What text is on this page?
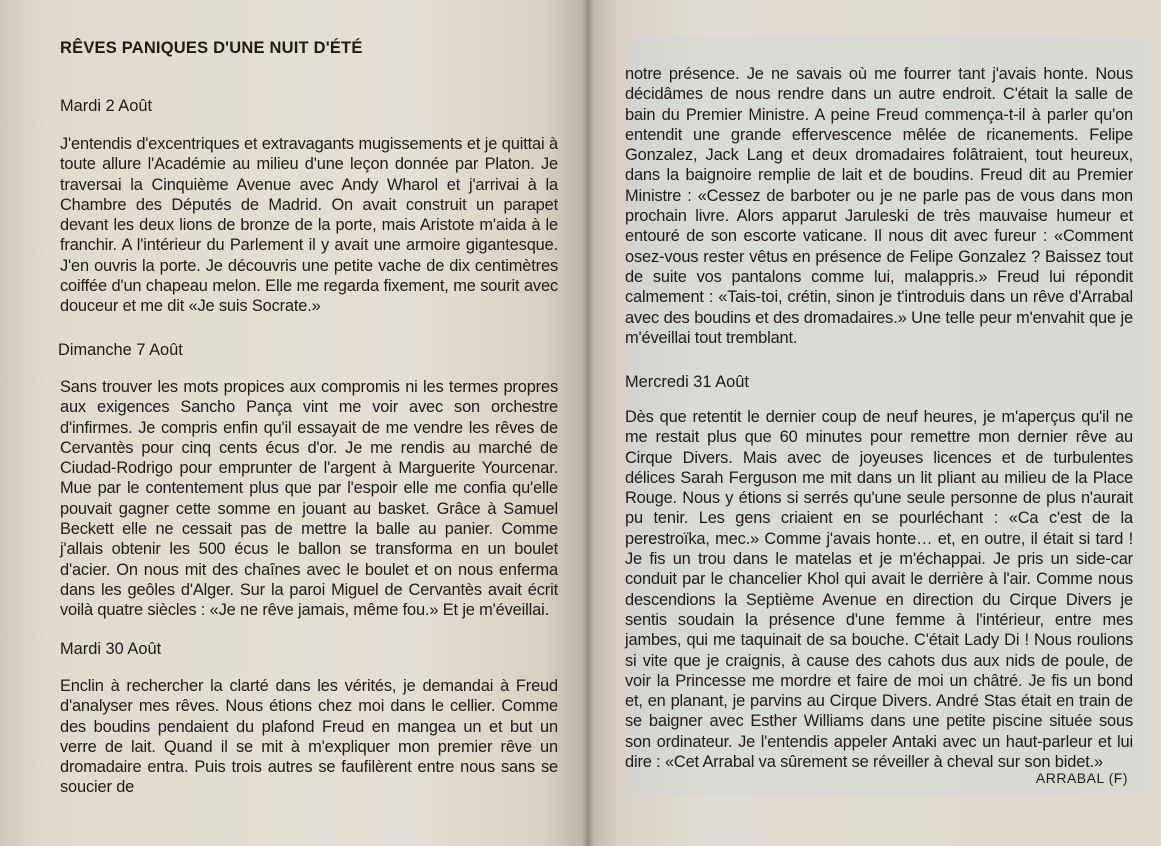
RÊVES PANIQUES D'UNE NUIT D'ÉTÉ
Mardi 2 Août
J'entendis d'excentriques et extravagants mugissements et je quittai à toute allure l'Académie au milieu d'une leçon donnée par Platon. Je traversai la Cinquième Avenue avec Andy Wharol et j'arrivai à la Chambre des Députés de Madrid. On avait construit un parapet devant les deux lions de bronze de la porte, mais Aristote m'aida à le franchir. A l'intérieur du Parlement il y avait une armoire gigantesque. J'en ouvris la porte. Je découvris une petite vache de dix centimètres coiffée d'un chapeau melon. Elle me regarda fixement, me sourit avec douceur et me dit «Je suis Socrate.»
Dimanche 7 Août
Sans trouver les mots propices aux compromis ni les termes propres aux exigences Sancho Pança vint me voir avec son orchestre d'infirmes. Je compris enfin qu'il essayait de me vendre les rêves de Cervantès pour cinq cents écus d'or. Je me rendis au marché de Ciudad-Rodrigo pour emprunter de l'argent à Marguerite Yourcenar. Mue par le contentement plus que par l'espoir elle me confia qu'elle pouvait gagner cette somme en jouant au basket. Grâce à Samuel Beckett elle ne cessait pas de mettre la balle au panier. Comme j'allais obtenir les 500 écus le ballon se transforma en un boulet d'acier. On nous mit des chaînes avec le boulet et on nous enferma dans les geôles d'Alger. Sur la paroi Miguel de Cervantès avait écrit voilà quatre siècles : «Je ne rêve jamais, même fou.» Et je m'éveillai.
Mardi 30 Août
Enclin à rechercher la clarté dans les vérités, je demandai à Freud d'analyser mes rêves. Nous étions chez moi dans le cellier. Comme des boudins pendaient du plafond Freud en mangea un et but un verre de lait. Quand il se mit à m'expliquer mon premier rêve un dromadaire entra. Puis trois autres se faufilèrent entre nous sans se soucier de
notre présence. Je ne savais où me fourrer tant j'avais honte. Nous décidâmes de nous rendre dans un autre endroit. C'était la salle de bain du Premier Ministre. A peine Freud commença-t-il à parler qu'on entendit une grande effervescence mêlée de ricanements. Felipe Gonzalez, Jack Lang et deux dromadaires folâtraient, tout heureux, dans la baignoire remplie de lait et de boudins. Freud dit au Premier Ministre : «Cessez de barboter ou je ne parle pas de vous dans mon prochain livre. Alors apparut Jaruleski de très mauvaise humeur et entouré de son escorte vaticane. Il nous dit avec fureur : «Comment osez-vous rester vêtus en présence de Felipe Gonzalez ? Baissez tout de suite vos pantalons comme lui, malappris.» Freud lui répondit calmement : «Tais-toi, crétin, sinon je t'introduis dans un rêve d'Arrabal avec des boudins et des dromadaires.» Une telle peur m'envahit que je m'éveillai tout tremblant.
Mercredi 31 Août
Dès que retentit le dernier coup de neuf heures, je m'aperçus qu'il ne me restait plus que 60 minutes pour remettre mon dernier rêve au Cirque Divers. Mais avec de joyeuses licences et de turbulentes délices Sarah Ferguson me mit dans un lit pliant au milieu de la Place Rouge. Nous y étions si serrés qu'une seule personne de plus n'aurait pu tenir. Les gens criaient en se pourléchant : «Ca c'est de la perestroïka, mec.» Comme j'avais honte… et, en outre, il était si tard ! Je fis un trou dans le matelas et je m'échappai. Je pris un side-car conduit par le chancelier Khol qui avait le derrière à l'air. Comme nous descendions la Septième Avenue en direction du Cirque Divers je sentis soudain la présence d'une femme à l'intérieur, entre mes jambes, qui me taquinait de sa bouche. C'était Lady Di ! Nous roulions si vite que je craignis, à cause des cahots dus aux nids de poule, de voir la Princesse me mordre et faire de moi un châtré. Je fis un bond et, en planant, je parvins au Cirque Divers. André Stas était en train de se baigner avec Esther Williams dans une petite piscine située sous son ordinateur. Je l'entendis appeler Antaki avec un haut-parleur et lui dire : «Cet Arrabal va sûrement se réveiller à cheval sur son bidet.»
ARRABAL (F)
